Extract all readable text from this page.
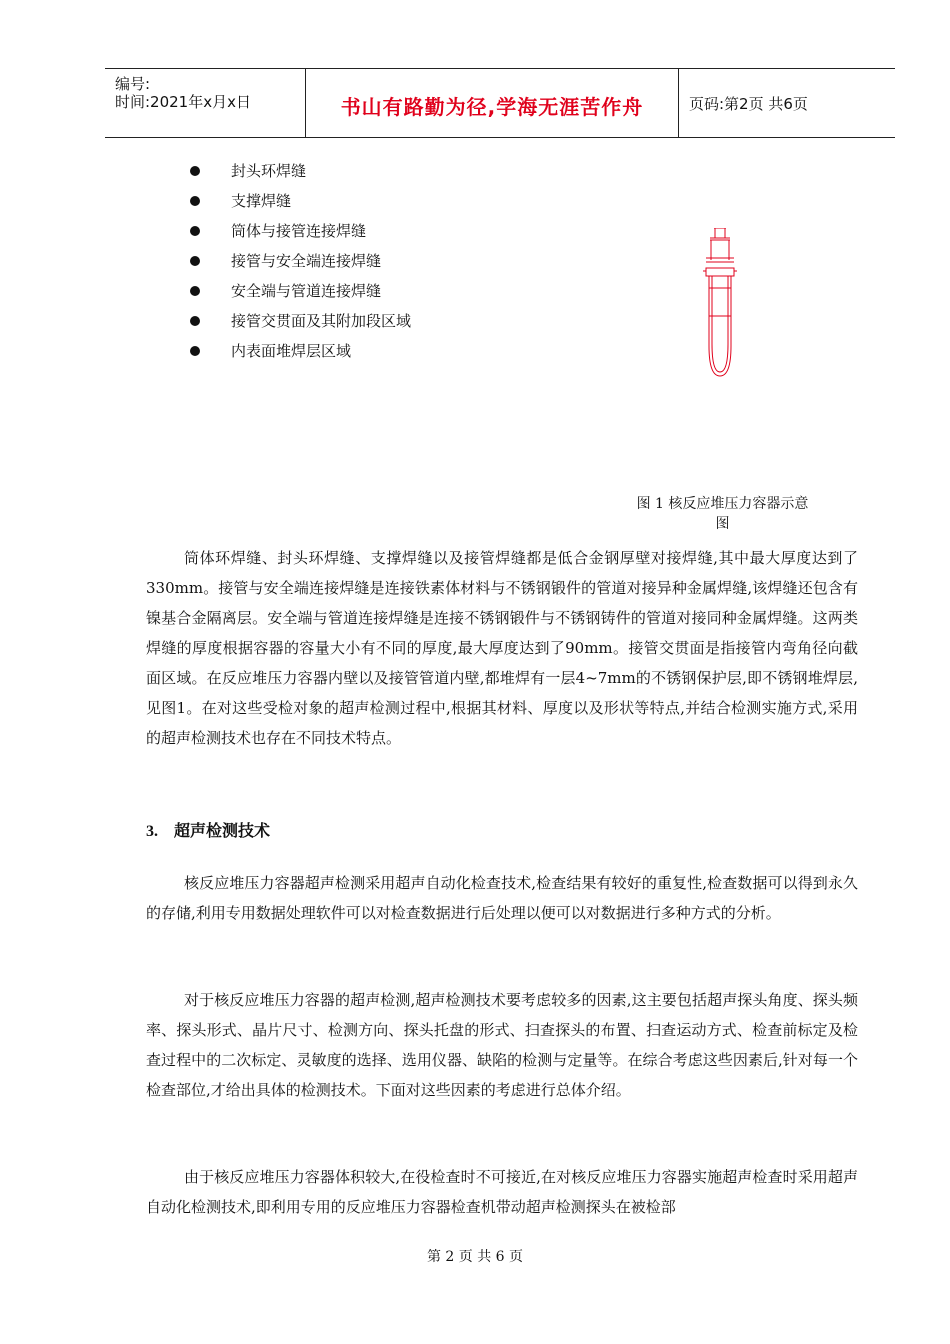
编号:
时间:2021年x月x日	书山有路勤为径,学海无涯苦作舟	页码:第2页 共6页
封头环焊缝
支撑焊缝
筒体与接管连接焊缝
接管与安全端连接焊缝
安全端与管道连接焊缝
接管交贯面及其附加段区域
内表面堆焊层区域
图 1 核反应堆压力容器示意
图
筒体环焊缝、封头环焊缝、支撑焊缝以及接管焊缝都是低合金钢厚壁对接焊缝,其中最大厚度达到了330mm。接管与安全端连接焊缝是连接铁素体材料与不锈钢锻件的管道对接异种金属焊缝,该焊缝还包含有镍基合金隔离层。安全端与管道连接焊缝是连接不锈钢锻件与不锈钢铸件的管道对接同种金属焊缝。这两类焊缝的厚度根据容器的容量大小有不同的厚度,最大厚度达到了90mm。接管交贯面是指接管内弯角径向截面区域。在反应堆压力容器内壁以及接管管道内壁,都堆焊有一层4~7mm的不锈钢保护层,即不锈钢堆焊层,见图1。在对这些受检对象的超声检测过程中,根据其材料、厚度以及形状等特点,并结合检测实施方式,采用的超声检测技术也存在不同技术特点。
3. 超声检测技术
核反应堆压力容器超声检测采用超声自动化检查技术,检查结果有较好的重复性,检查数据可以得到永久的存储,利用专用数据处理软件可以对检查数据进行后处理以便可以对数据进行多种方式的分析。
对于核反应堆压力容器的超声检测,超声检测技术要考虑较多的因素,这主要包括超声探头角度、探头频率、探头形式、晶片尺寸、检测方向、探头托盘的形式、扫查探头的布置、扫查运动方式、检查前标定及检查过程中的二次标定、灵敏度的选择、选用仪器、缺陷的检测与定量等。在综合考虑这些因素后,针对每一个检查部位,才给出具体的检测技术。下面对这些因素的考虑进行总体介绍。
由于核反应堆压力容器体积较大,在役检查时不可接近,在对核反应堆压力容器实施超声检查时采用超声自动化检测技术,即利用专用的反应堆压力容器检查机带动超声检测探头在被检部
第 2 页 共 6 页
